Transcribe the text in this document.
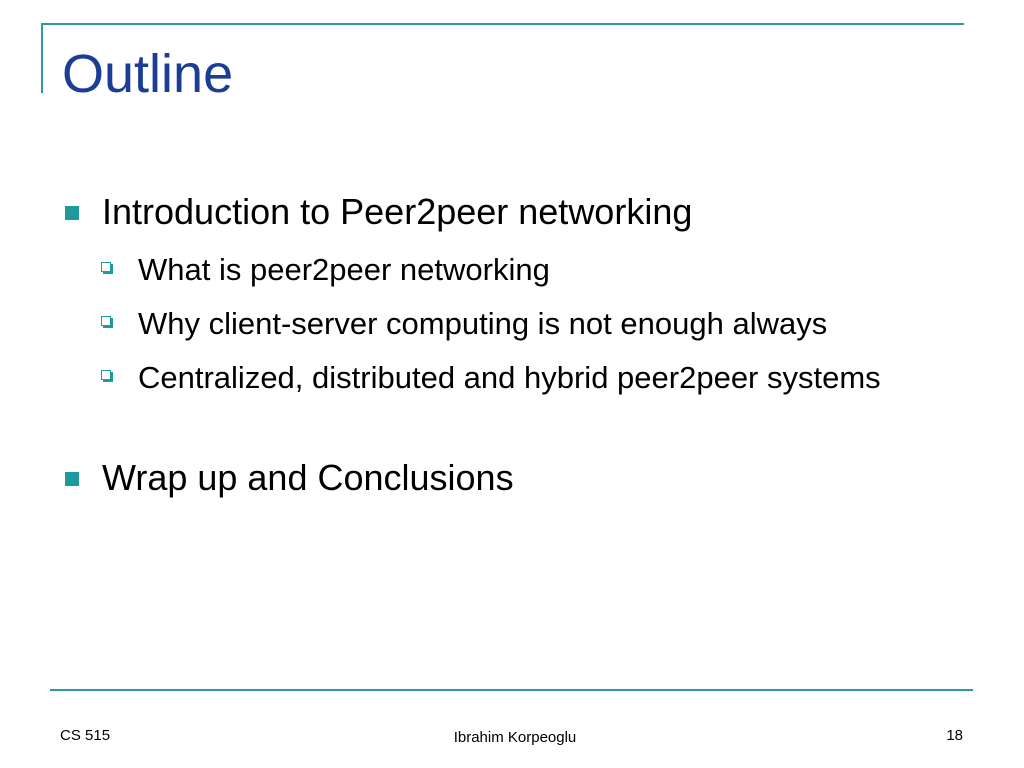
Outline
Introduction to Peer2peer networking
What is peer2peer networking
Why client-server computing is not enough always
Centralized, distributed and hybrid peer2peer systems
Wrap up and Conclusions
CS 515	Ibrahim Korpeoglu	18
